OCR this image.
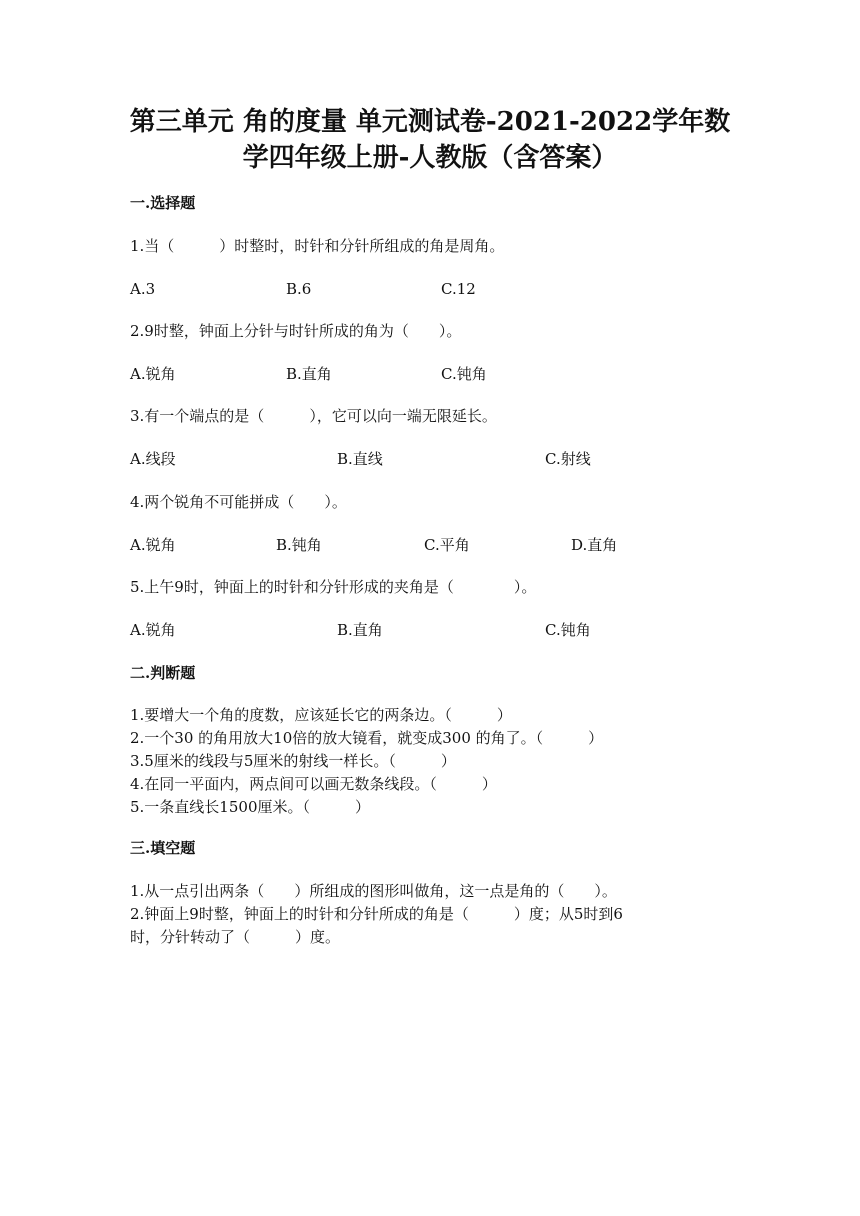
第三单元 角的度量 单元测试卷-2021-2022学年数
学四年级上册-人教版（含答案）
一.选择题
1.当（　　　）时整时，时针和分针所组成的角是周角。
A.3	B.6	C.12
2.9时整，钟面上分针与时针所成的角为（　　）。
A.锐角	B.直角	C.钝角
3.有一个端点的是（　　　），它可以向一端无限延长。
A.线段	B.直线	C.射线
4.两个锐角不可能拼成（　　）。
A.锐角	B.钝角	C.平角	D.直角
5.上午9时，钟面上的时针和分针形成的夹角是（　　　　）。
A.锐角	B.直角	C.钝角
二.判断题
1.要增大一个角的度数，应该延长它的两条边。（　　　）
2.一个30 的角用放大10倍的放大镜看，就变成300 的角了。（　　　）
3.5厘米的线段与5厘米的射线一样长。（　　　）
4.在同一平面内，两点间可以画无数条线段。（　　　）
5.一条直线长1500厘米。（　　　）
三.填空题
1.从一点引出两条（　　）所组成的图形叫做角，这一点是角的（　　）。
2.钟面上9时整，钟面上的时针和分针所成的角是（　　　）度；从5时到6
时，分针转动了（　　　）度。
